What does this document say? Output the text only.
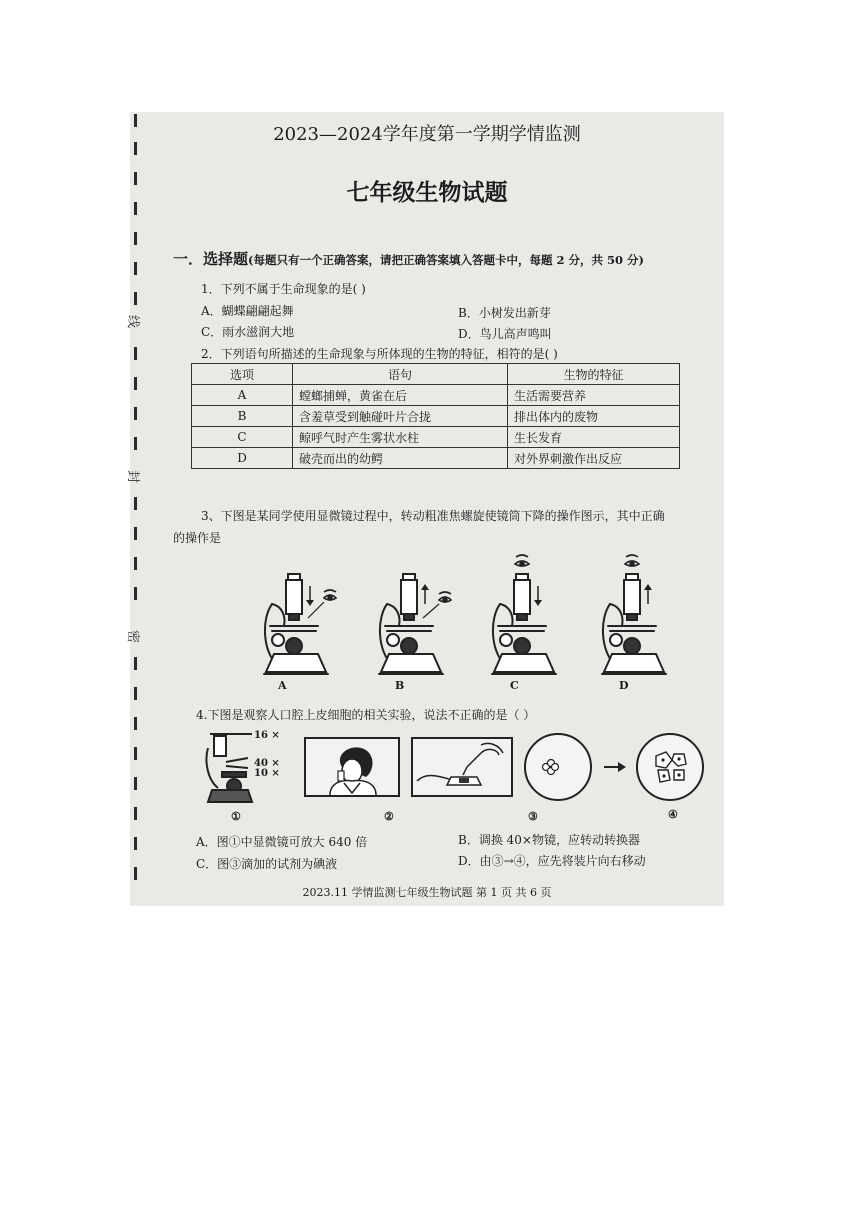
线
封
密
2023—2024学年度第一学期学情监测
七年级生物试题
一．选择题(每题只有一个正确答案，请把正确答案填入答题卡中，每题 2 分，共 50 分)
1．下列不属于生命现象的是( )
A．蝴蝶翩翩起舞	B．小树发出新芽
C．雨水滋润大地	D．鸟儿高声鸣叫
2．下列语句所描述的生命现象与所体现的生物的特征，相符的是( )
选项	语句	生物的特征
A	螳螂捕蝉，黄雀在后	生活需要营养
B	含羞草受到触碰叶片合拢	排出体内的废物
C	鲸呼气时产生雾状水柱	生长发育
D	破壳而出的幼鳄	对外界刺激作出反应
3、下图是某同学使用显微镜过程中，转动粗准焦螺旋使镜筒下降的操作图示，其中正确
的操作是
A	B	C	D
4.下图是观察人口腔上皮细胞的相关实验，说法不正确的是（ ）
16 ×
40 ×
10 ×
①	②	③	④
A．图①中显微镜可放大 640 倍	B．调换 40×物镜，应转动转换器
C．图③滴加的试剂为碘液	D．由③→④，应先将装片向右移动
2023.11 学情监测七年级生物试题 第 1 页 共 6 页
